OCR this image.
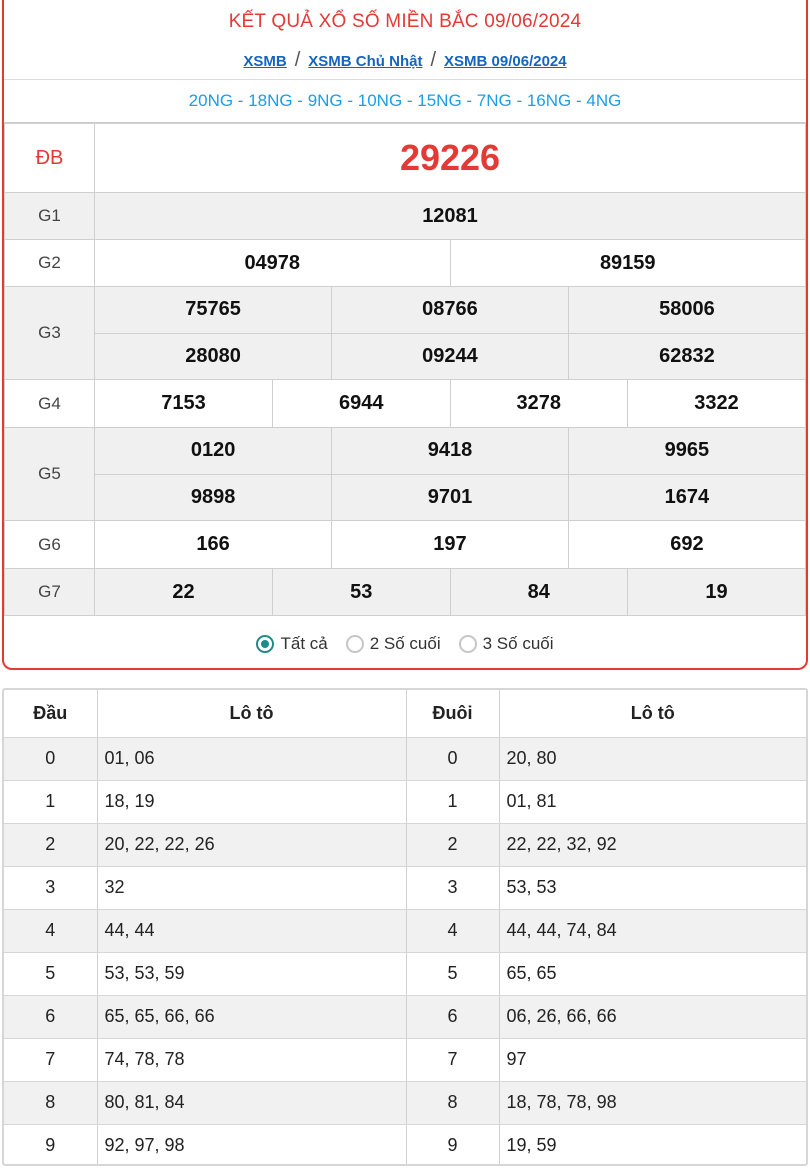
KẾT QUẢ XỔ SỐ MIỀN BẮC 09/06/2024
XSMB / XSMB Chủ Nhật / XSMB 09/06/2024
20NG - 18NG - 9NG - 10NG - 15NG - 7NG - 16NG - 4NG
ĐB	29226
G1	12081
G2		04978	89159

G3	
75765	08766	58006
28080	09244	62832

G4		7153	6944	3278	3322

G5	
0120	9418	9965
9898	9701	1674

G6		166	197	692

G7		22	53	84	19
Tất cả 2 Số cuối 3 Số cuối
Đầu	Lô tô	Đuôi	Lô tô
0	01, 06	0	20, 80
1	18, 19	1	01, 81
2	20, 22, 22, 26	2	22, 22, 32, 92
3	32	3	53, 53
4	44, 44	4	44, 44, 74, 84
5	53, 53, 59	5	65, 65
6	65, 65, 66, 66	6	06, 26, 66, 66
7	74, 78, 78	7	97
8	80, 81, 84	8	18, 78, 78, 98
9	92, 97, 98	9	19, 59
